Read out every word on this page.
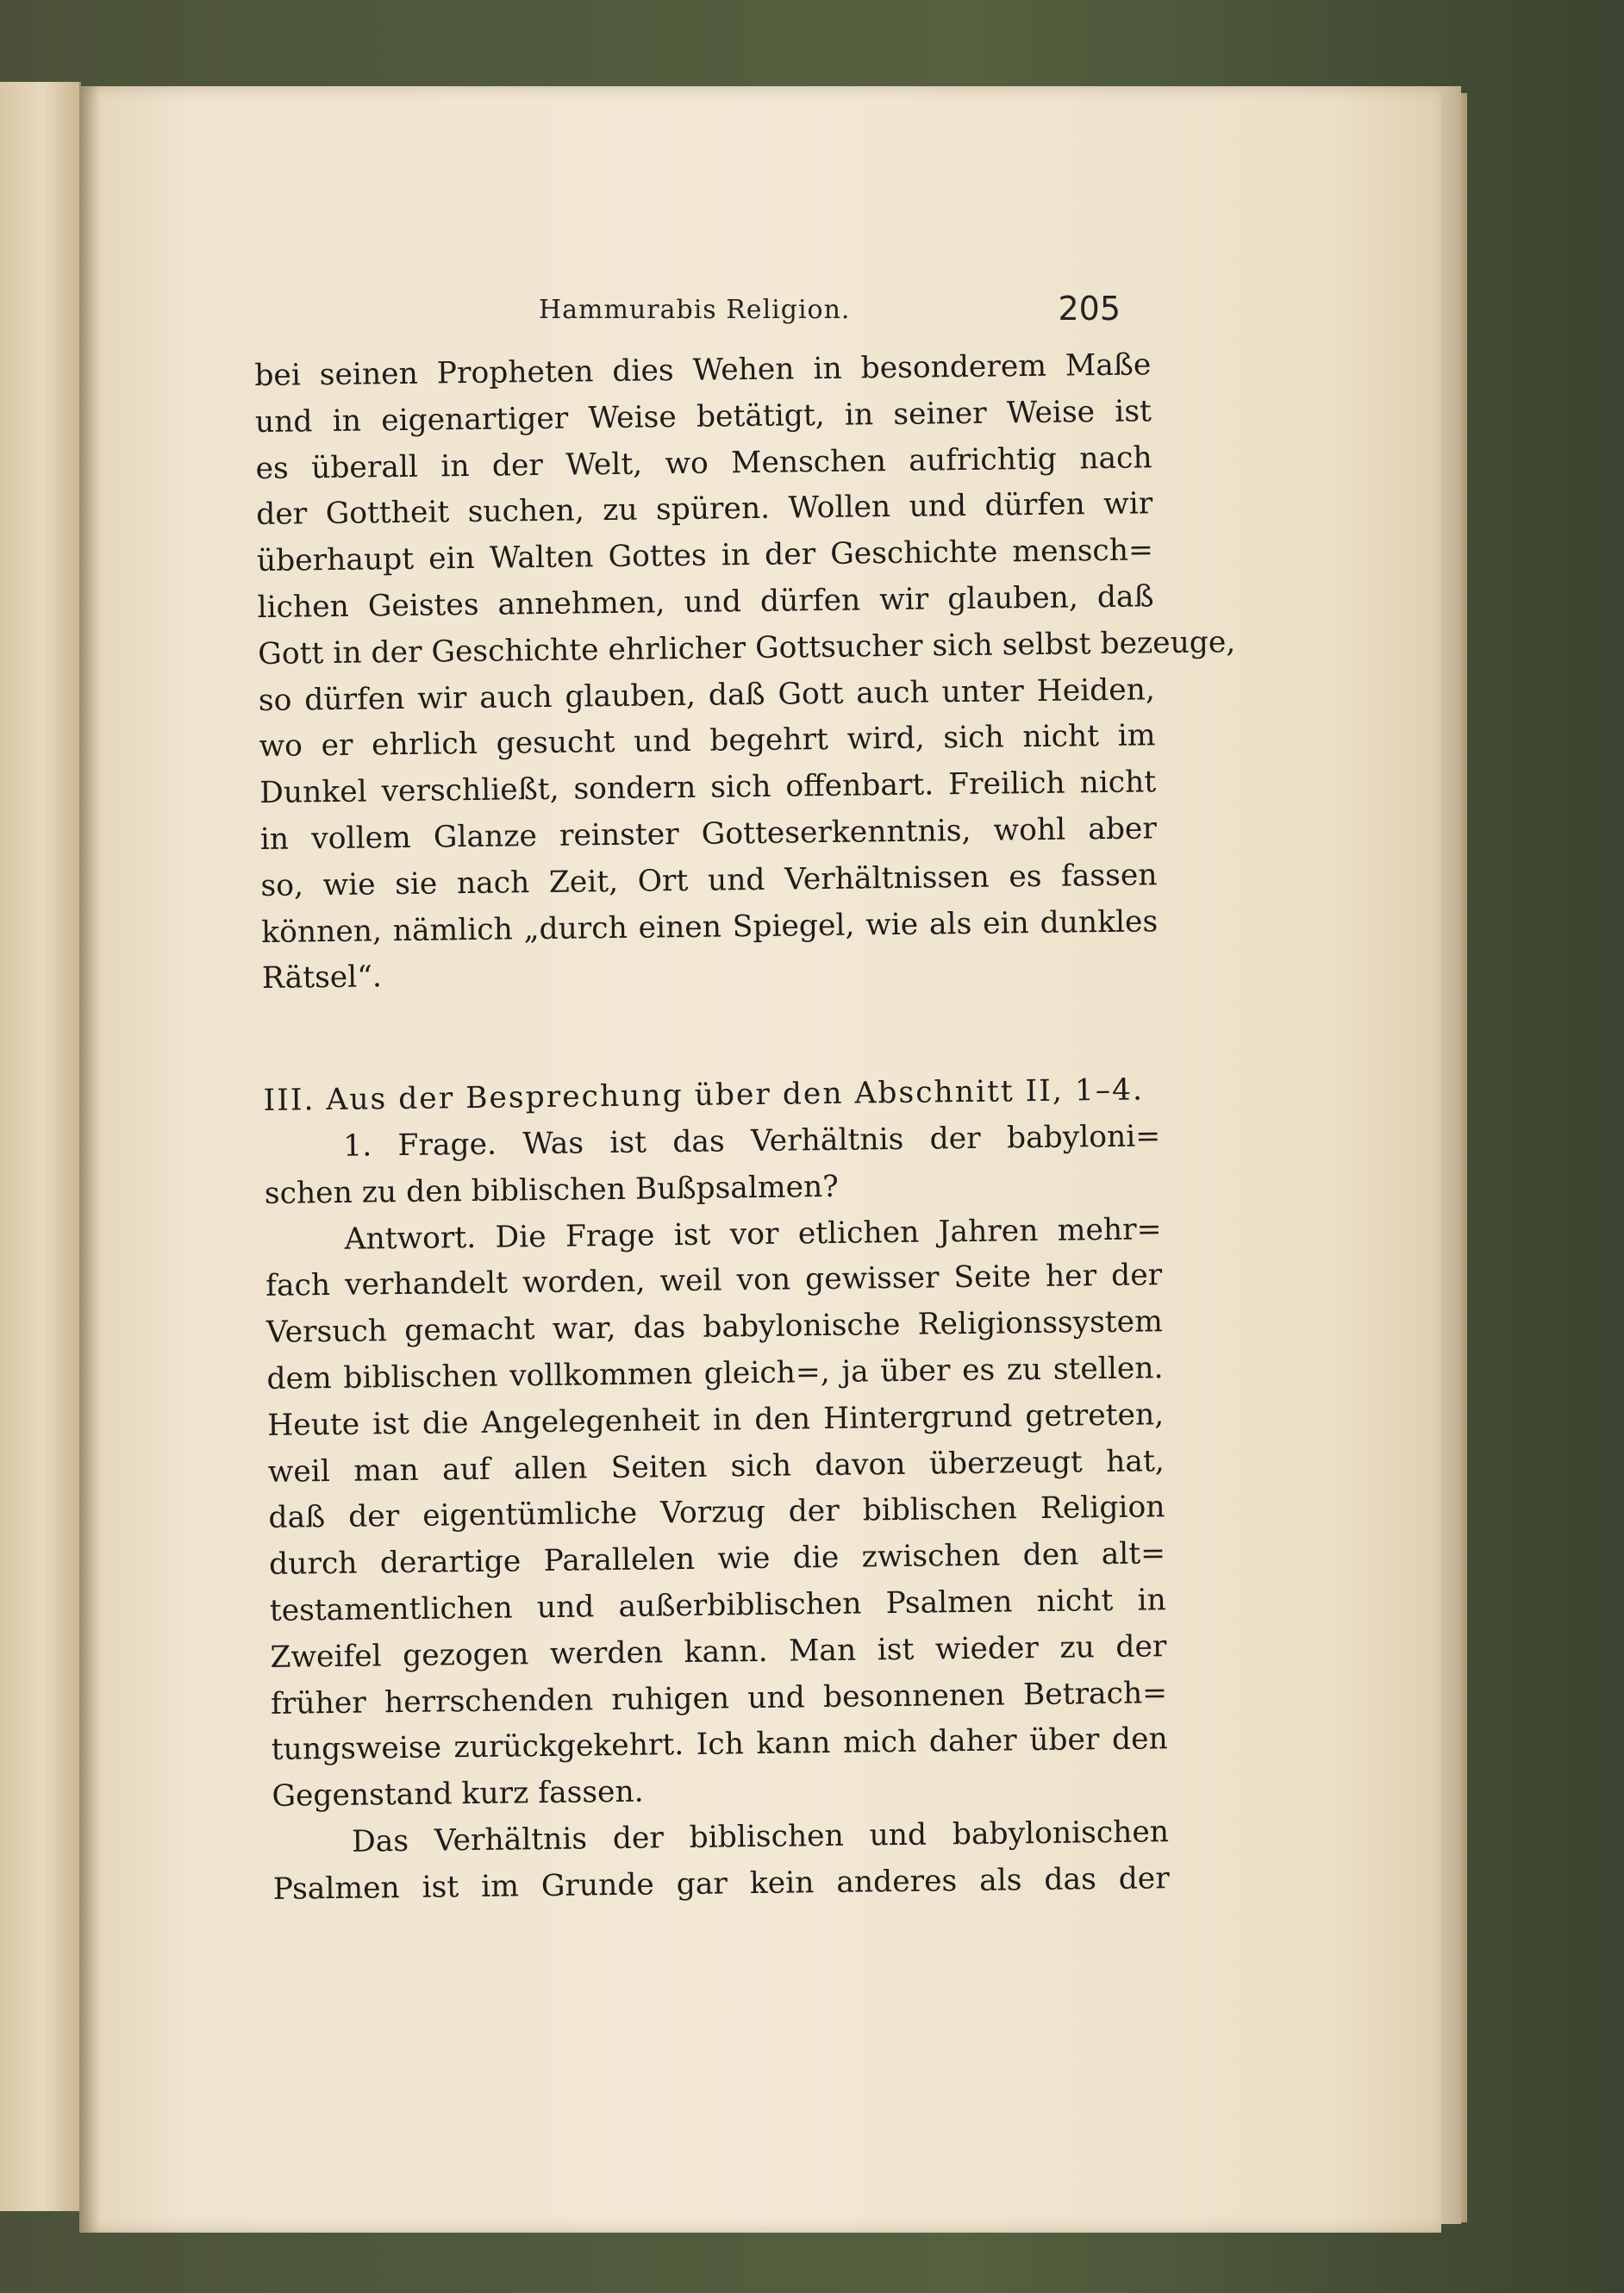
Hammurabis Religion.	205
bei seinen Propheten dies Wehen in besonderem Maße
und in eigenartiger Weise betätigt, in seiner Weise ist
es überall in der Welt, wo Menschen aufrichtig nach
der Gottheit suchen, zu spüren. Wollen und dürfen wir
überhaupt ein Walten Gottes in der Geschichte mensch=
lichen Geistes annehmen, und dürfen wir glauben, daß
Gott in der Geschichte ehrlicher Gottsucher sich selbst bezeuge,
so dürfen wir auch glauben, daß Gott auch unter Heiden,
wo er ehrlich gesucht und begehrt wird, sich nicht im
Dunkel verschließt, sondern sich offenbart. Freilich nicht
in vollem Glanze reinster Gotteserkenntnis, wohl aber
so, wie sie nach Zeit, Ort und Verhältnissen es fassen
können, nämlich „durch einen Spiegel, wie als ein dunkles
Rätsel“.
III. Aus der Besprechung über den Abschnitt II, 1–4.
1. Frage. Was ist das Verhältnis der babyloni=
schen zu den biblischen Bußpsalmen?
Antwort. Die Frage ist vor etlichen Jahren mehr=
fach verhandelt worden, weil von gewisser Seite her der
Versuch gemacht war, das babylonische Religionssystem
dem biblischen vollkommen gleich=, ja über es zu stellen.
Heute ist die Angelegenheit in den Hintergrund getreten,
weil man auf allen Seiten sich davon überzeugt hat,
daß der eigentümliche Vorzug der biblischen Religion
durch derartige Parallelen wie die zwischen den alt=
testamentlichen und außerbiblischen Psalmen nicht in
Zweifel gezogen werden kann. Man ist wieder zu der
früher herrschenden ruhigen und besonnenen Betrach=
tungsweise zurückgekehrt. Ich kann mich daher über den
Gegenstand kurz fassen.
Das Verhältnis der biblischen und babylonischen
Psalmen ist im Grunde gar kein anderes als das der
